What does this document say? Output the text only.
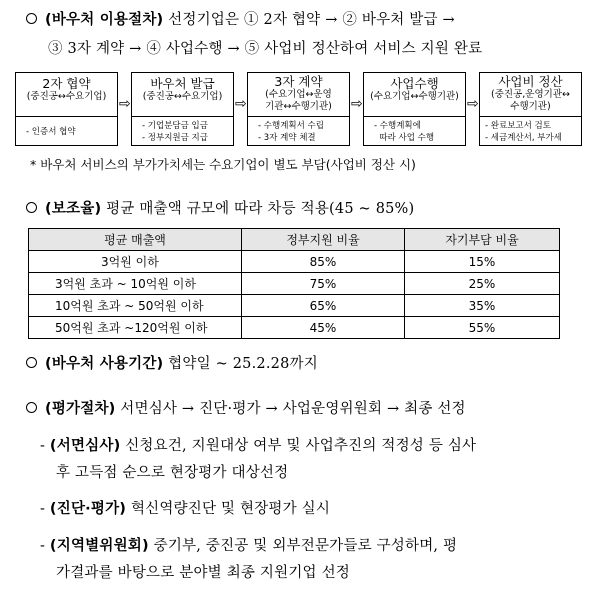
(바우처 이용절차) 선정기업은 ① 2자 협약 → ② 바우처 발급 →
③ 3자 계약 → ④ 사업수행 → ⑤ 사업비 정산하여 서비스 지원 완료
2자 협약
(중진공↔수요기업)
- 인증서 협약
⇨
바우처 발급
(중진공↔수요기업)
- 기업분담금 입금
- 정부지원금 지급
⇨
3자 계약
(수요기업↔운영
기관↔수행기관)
- 수행계획서 수립
- 3자 계약 체결
⇨
사업수행
(수요기업↔수행기관)
- 수행계획에
따라 사업 수행
⇨
사업비 정산
(중진공,운영기관↔
수행기관)
- 완료보고서 검토
- 세금계산서, 부가세
* 바우처 서비스의 부가가치세는 수요기업이 별도 부담(사업비 정산 시)
(보조율) 평균 매출액 규모에 따라 차등 적용(45 ~ 85%)
평균 매출액	정부지원 비율	자기부담 비율
3억원 이하	85%	15%
3억원 초과 ~ 10억원 이하	75%	25%
10억원 초과 ~ 50억원 이하	65%	35%
50억원 초과 ~120억원 이하	45%	55%
(바우처 사용기간) 협약일 ~ 25.2.28까지
(평가절차) 서면심사 → 진단·평가 → 사업운영위원회 → 최종 선정
- (서면심사) 신청요건, 지원대상 여부 및 사업추진의 적정성 등 심사
후 고득점 순으로 현장평가 대상선정
- (진단·평가) 혁신역량진단 및 현장평가 실시
- (지역별위원회) 중기부, 중진공 및 외부전문가들로 구성하며, 평
가결과를 바탕으로 분야별 최종 지원기업 선정
